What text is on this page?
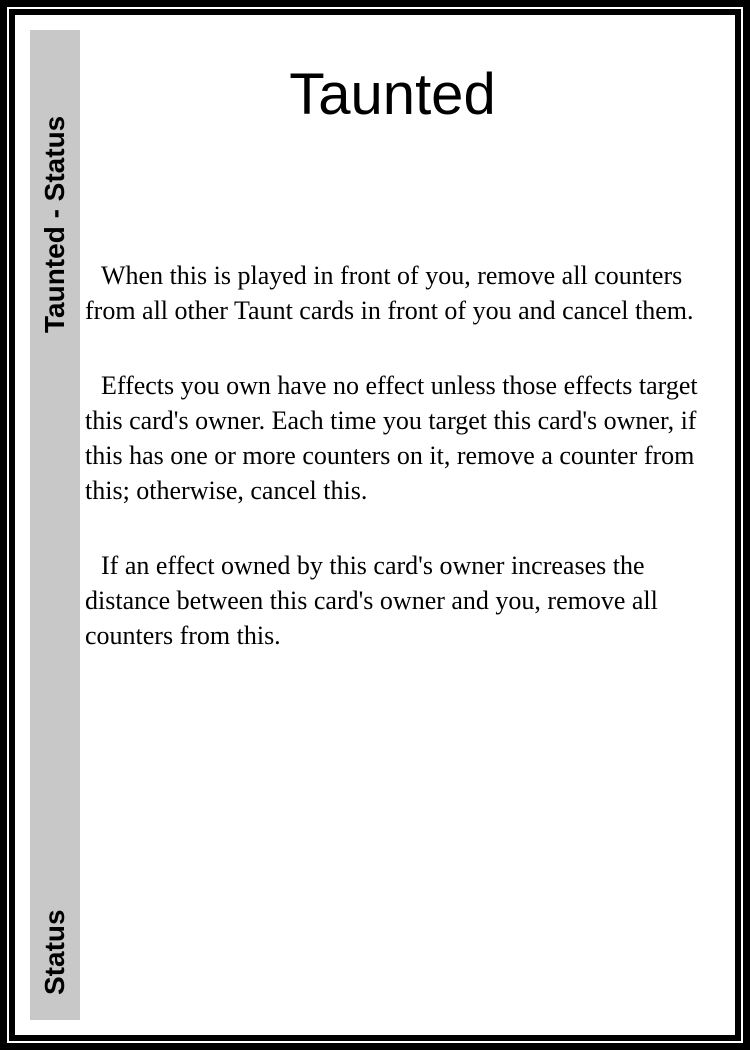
Taunted - Status
Status
Taunted

When this is played in front of you, remove all counters from all other Taunt cards in front of you and cancel them.

Effects you own have no effect unless those effects target this card's owner. Each time you target this card's owner, if this has one or more counters on it, remove a counter from this; otherwise, cancel this.

If an effect owned by this card's owner increases the distance between this card's owner and you, remove all counters from this.
